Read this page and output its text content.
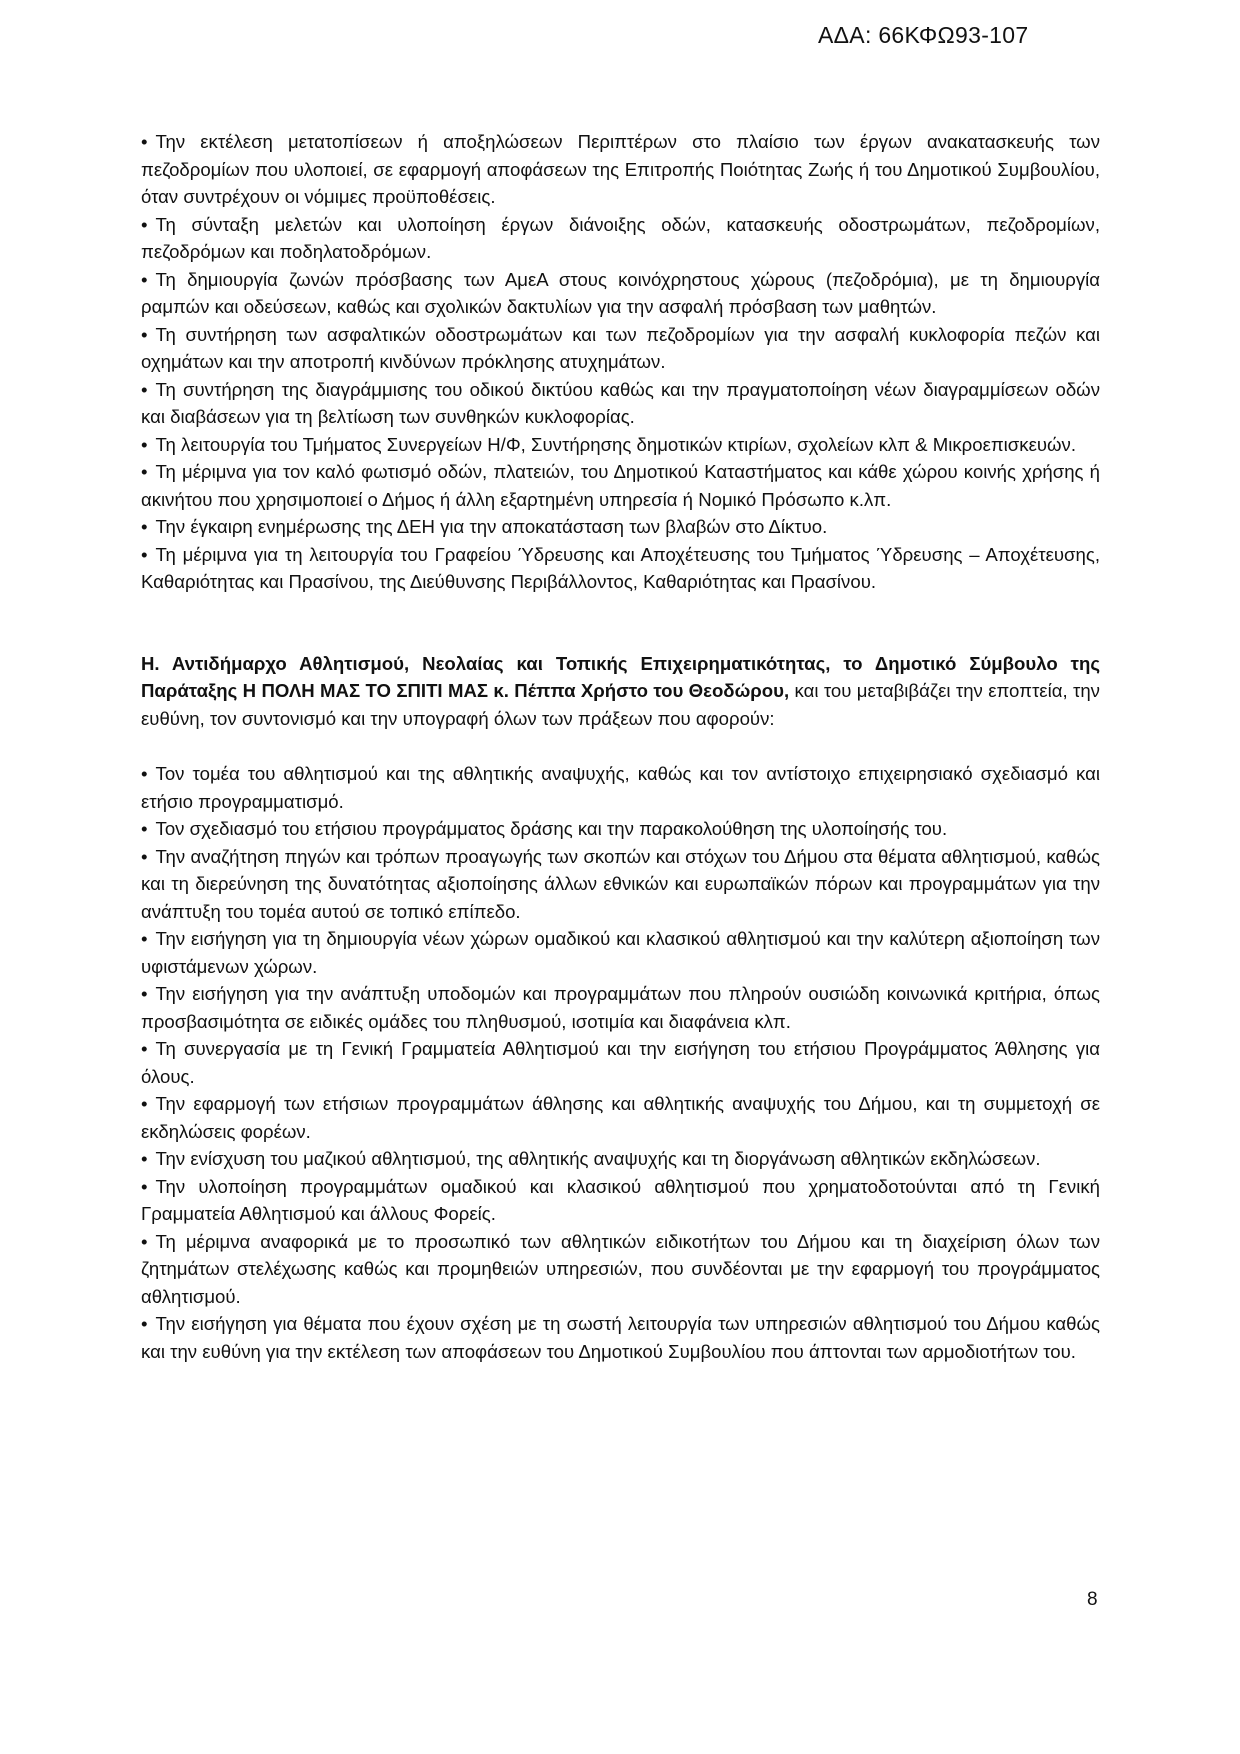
ΑΔΑ: 66ΚΦΩ93-107
• Την εκτέλεση μετατοπίσεων ή αποξηλώσεων Περιπτέρων στο πλαίσιο των έργων ανακατασκευής των πεζοδρομίων που υλοποιεί, σε εφαρμογή αποφάσεων της Επιτροπής Ποιότητας Ζωής ή του Δημοτικού Συμβουλίου, όταν συντρέχουν οι νόμιμες προϋποθέσεις.
• Τη σύνταξη μελετών και υλοποίηση έργων διάνοιξης οδών, κατασκευής οδοστρωμάτων, πεζοδρομίων, πεζοδρόμων και ποδηλατοδρόμων.
• Τη δημιουργία ζωνών πρόσβασης των ΑμεΑ στους κοινόχρηστους χώρους (πεζοδρόμια), με τη δημιουργία ραμπών και οδεύσεων, καθώς και σχολικών δακτυλίων για την ασφαλή πρόσβαση των μαθητών.
• Τη συντήρηση των ασφαλτικών οδοστρωμάτων και των πεζοδρομίων για την ασφαλή κυκλοφορία πεζών και οχημάτων και την αποτροπή κινδύνων πρόκλησης ατυχημάτων.
• Τη συντήρηση της διαγράμμισης του οδικού δικτύου καθώς και την πραγματοποίηση νέων διαγραμμίσεων οδών και διαβάσεων για τη βελτίωση των συνθηκών κυκλοφορίας.
• Τη λειτουργία του Τμήματος Συνεργείων Η/Φ, Συντήρησης δημοτικών κτιρίων, σχολείων κλπ & Μικροεπισκευών.
• Τη μέριμνα για τον καλό φωτισμό οδών, πλατειών, του Δημοτικού Καταστήματος και κάθε χώρου κοινής χρήσης ή ακινήτου που χρησιμοποιεί ο Δήμος ή άλλη εξαρτημένη υπηρεσία ή Νομικό Πρόσωπο κ.λπ.
• Την έγκαιρη ενημέρωσης της ΔΕΗ για την αποκατάσταση των βλαβών στο Δίκτυο.
• Τη μέριμνα για τη λειτουργία του Γραφείου Ύδρευσης και Αποχέτευσης του Τμήματος Ύδρευσης – Αποχέτευσης, Καθαριότητας και Πρασίνου, της Διεύθυνσης Περιβάλλοντος, Καθαριότητας και Πρασίνου.

Η. Αντιδήμαρχο Αθλητισμού, Νεολαίας και Τοπικής Επιχειρηματικότητας, το Δημοτικό Σύμβουλο της Παράταξης Η ΠΟΛΗ ΜΑΣ ΤΟ ΣΠΙΤΙ ΜΑΣ κ. Πέππα Χρήστο του Θεοδώρου, και του μεταβιβάζει την εποπτεία, την ευθύνη, τον συντονισμό και την υπογραφή όλων των πράξεων που αφορούν:

• Τον τομέα του αθλητισμού και της αθλητικής αναψυχής, καθώς και τον αντίστοιχο επιχειρησιακό σχεδιασμό και ετήσιο προγραμματισμό.
• Τον σχεδιασμό του ετήσιου προγράμματος δράσης και την παρακολούθηση της υλοποίησής του.
• Την αναζήτηση πηγών και τρόπων προαγωγής των σκοπών και στόχων του Δήμου στα θέματα αθλητισμού, καθώς και τη διερεύνηση της δυνατότητας αξιοποίησης άλλων εθνικών και ευρωπαϊκών πόρων και προγραμμάτων για την ανάπτυξη του τομέα αυτού σε τοπικό επίπεδο.
• Την εισήγηση για τη δημιουργία νέων χώρων ομαδικού και κλασικού αθλητισμού και την καλύτερη αξιοποίηση των υφιστάμενων χώρων.
• Την εισήγηση για την ανάπτυξη υποδομών και προγραμμάτων που πληρούν ουσιώδη κοινωνικά κριτήρια, όπως προσβασιμότητα σε ειδικές ομάδες του πληθυσμού, ισοτιμία και διαφάνεια κλπ.
• Τη συνεργασία με τη Γενική Γραμματεία Αθλητισμού και την εισήγηση του ετήσιου Προγράμματος Άθλησης για όλους.
• Την εφαρμογή των ετήσιων προγραμμάτων άθλησης και αθλητικής αναψυχής του Δήμου, και τη συμμετοχή σε εκδηλώσεις φορέων.
• Την ενίσχυση του μαζικού αθλητισμού, της αθλητικής αναψυχής και τη διοργάνωση αθλητικών εκδηλώσεων.
• Την υλοποίηση προγραμμάτων ομαδικού και κλασικού αθλητισμού που χρηματοδοτούνται από τη Γενική Γραμματεία Αθλητισμού και άλλους Φορείς.
• Τη μέριμνα αναφορικά με το προσωπικό των αθλητικών ειδικοτήτων του Δήμου και τη διαχείριση όλων των ζητημάτων στελέχωσης καθώς και προμηθειών υπηρεσιών, που συνδέονται με την εφαρμογή του προγράμματος αθλητισμού.
• Την εισήγηση για θέματα που έχουν σχέση με τη σωστή λειτουργία των υπηρεσιών αθλητισμού του Δήμου καθώς και την ευθύνη για την εκτέλεση των αποφάσεων του Δημοτικού Συμβουλίου που άπτονται των αρμοδιοτήτων του.
8
